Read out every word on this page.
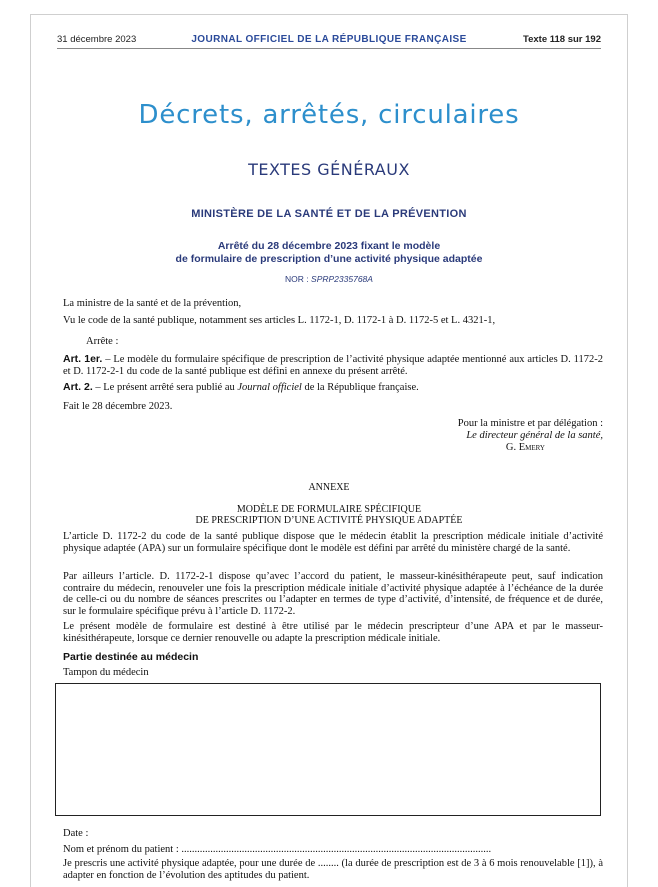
31 décembre 2023	JOURNAL OFFICIEL DE LA RÉPUBLIQUE FRANÇAISE	Texte 118 sur 192
Décrets, arrêtés, circulaires
TEXTES GÉNÉRAUX
MINISTÈRE DE LA SANTÉ ET DE LA PRÉVENTION
Arrêté du 28 décembre 2023 fixant le modèle
de formulaire de prescription d’une activité physique adaptée
NOR : SPRP2335768A

La ministre de la santé et de la prévention,

Vu le code de la santé publique, notamment ses articles L. 1172-1, D. 1172-1 à D. 1172-5 et L. 4321-1,

Arrête :

Art. 1er. – Le modèle du formulaire spécifique de prescription de l’activité physique adaptée mentionné aux articles D. 1172-2 et D. 1172-2-1 du code de la santé publique est défini en annexe du présent arrêté.

Art. 2. – Le présent arrêté sera publié au Journal officiel de la République française.

Fait le 28 décembre 2023.
Pour la ministre et par délégation :
Le directeur général de la santé,
G. Emery
ANNEXE
MODÈLE DE FORMULAIRE SPÉCIFIQUE
DE PRESCRIPTION D’UNE ACTIVITÉ PHYSIQUE ADAPTÉE

L’article D. 1172-2 du code de la santé publique dispose que le médecin établit la prescription médicale initiale d’activité physique adaptée (APA) sur un formulaire spécifique dont le modèle est défini par arrêté du ministère chargé de la santé.

Par ailleurs l’article. D. 1172-2-1 dispose qu’avec l’accord du patient, le masseur-kinésithérapeute peut, sauf indication contraire du médecin, renouveler une fois la prescription médicale initiale d’activité physique adaptée à l’échéance de la durée de celle-ci ou du nombre de séances prescrites ou l’adapter en termes de type d’activité, d’intensité, de fréquence et de durée, sur le formulaire spécifique prévu à l’article D. 1172-2.

Le présent modèle de formulaire est destiné à être utilisé par le médecin prescripteur d’une APA et par le masseur-kinésithérapeute, lorsque ce dernier renouvelle ou adapte la prescription médicale initiale.

Partie destinée au médecin
Tampon du médecin
Date :
Nom et prénom du patient : ......................................................................................................................

Je prescris une activité physique adaptée, pour une durée de ........ (la durée de prescription est de 3 à 6 mois renouvelable [1]), à adapter en fonction de l’évolution des aptitudes du patient.
